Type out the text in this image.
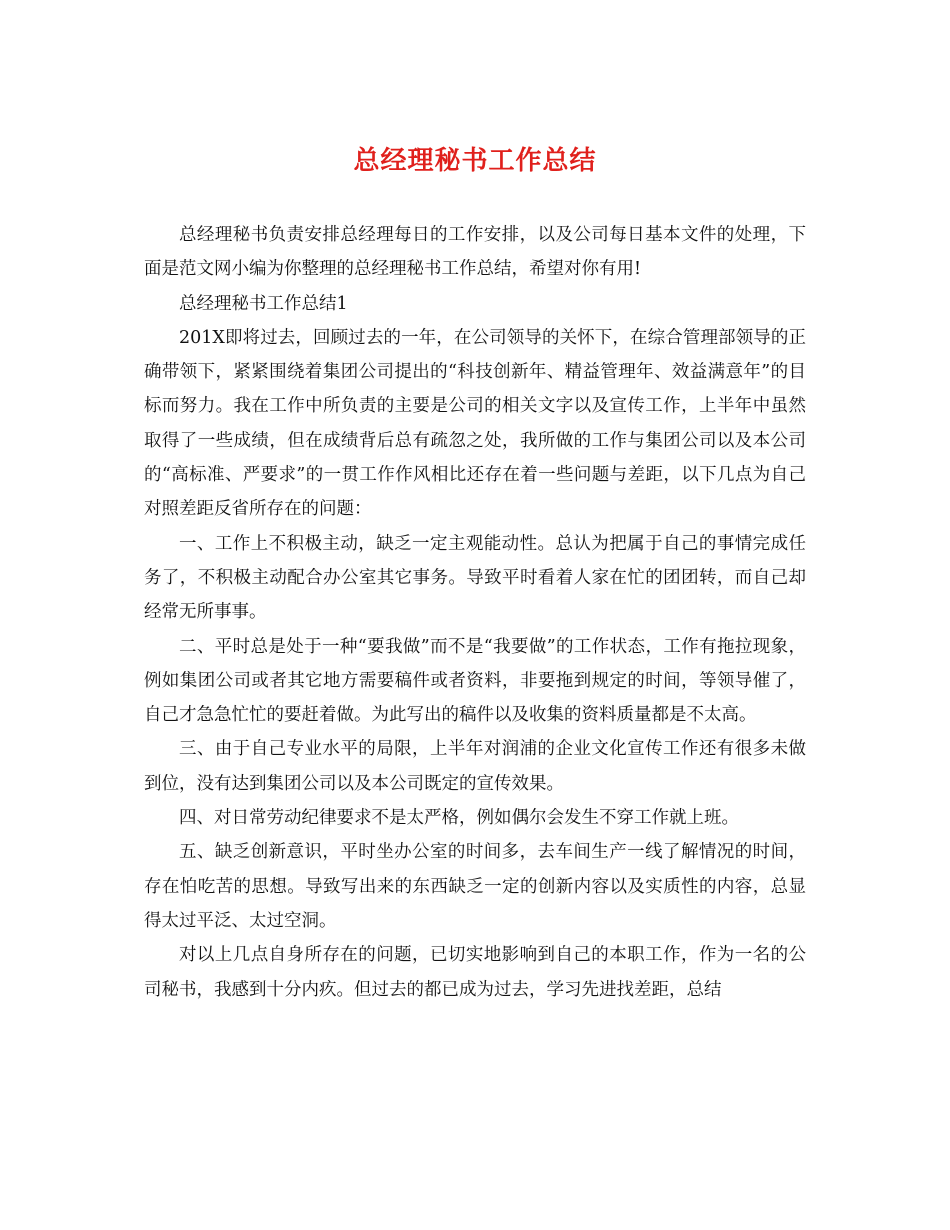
总经理秘书工作总结

总经理秘书负责安排总经理每日的工作安排，以及公司每日基本文件的处理，下面是范文网小编为你整理的总经理秘书工作总结，希望对你有用!

总经理秘书工作总结1

201X即将过去，回顾过去的一年，在公司领导的关怀下，在综合管理部领导的正确带领下，紧紧围绕着集团公司提出的“科技创新年、精益管理年、效益满意年”的目标而努力。我在工作中所负责的主要是公司的相关文字以及宣传工作，上半年中虽然取得了一些成绩，但在成绩背后总有疏忽之处，我所做的工作与集团公司以及本公司的“高标准、严要求”的一贯工作作风相比还存在着一些问题与差距，以下几点为自己对照差距反省所存在的问题：

一、工作上不积极主动，缺乏一定主观能动性。总认为把属于自己的事情完成任务了，不积极主动配合办公室其它事务。导致平时看着人家在忙的团团转，而自己却经常无所事事。

二、平时总是处于一种“要我做”而不是“我要做”的工作状态，工作有拖拉现象，例如集团公司或者其它地方需要稿件或者资料，非要拖到规定的时间，等领导催了，自己才急急忙忙的要赶着做。为此写出的稿件以及收集的资料质量都是不太高。

三、由于自己专业水平的局限，上半年对润浦的企业文化宣传工作还有很多未做到位，没有达到集团公司以及本公司既定的宣传效果。

四、对日常劳动纪律要求不是太严格，例如偶尔会发生不穿工作就上班。

五、缺乏创新意识，平时坐办公室的时间多，去车间生产一线了解情况的时间，存在怕吃苦的思想。导致写出来的东西缺乏一定的创新内容以及实质性的内容，总显得太过平泛、太过空洞。

对以上几点自身所存在的问题，已切实地影响到自己的本职工作，作为一名的公司秘书，我感到十分内疚。但过去的都已成为过去，学习先进找差距，总结
